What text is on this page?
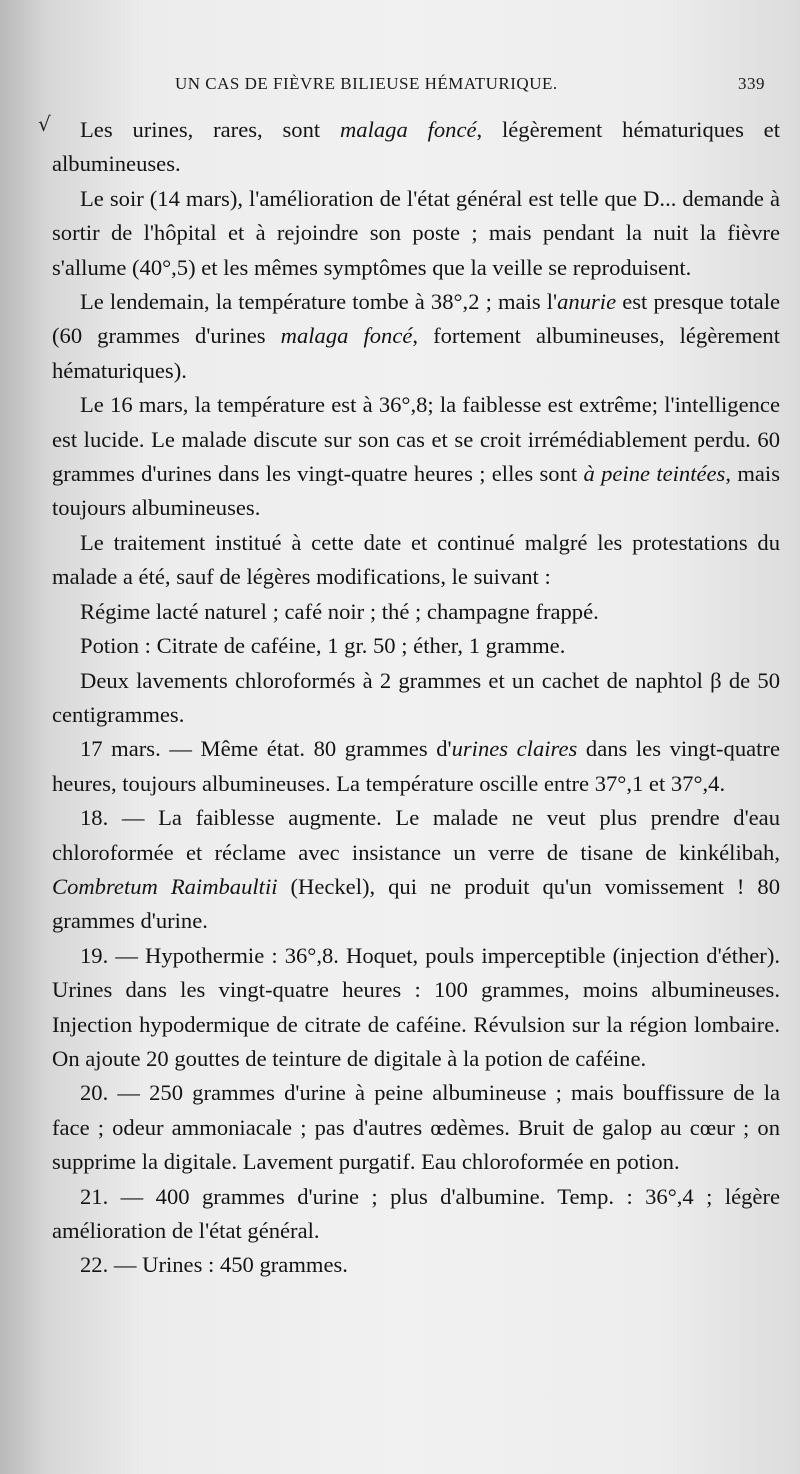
UN CAS DE FIÈVRE BILIEUSE HÉMATURIQUE.	339
√	Les urines, rares, sont malaga foncé, légèrement hématuriques et albumineuses.

Le soir (14 mars), l'amélioration de l'état général est telle que D... demande à sortir de l'hôpital et à rejoindre son poste ; mais pendant la nuit la fièvre s'allume (40°,5) et les mêmes symptômes que la veille se reproduisent.

Le lendemain, la température tombe à 38°,2 ; mais l'anurie est presque totale (60 grammes d'urines malaga foncé, fortement albumineuses, légèrement hématuriques).

Le 16 mars, la température est à 36°,8; la faiblesse est extrême; l'intelligence est lucide. Le malade discute sur son cas et se croit irrémédiablement perdu. 60 grammes d'urines dans les vingt-quatre heures ; elles sont à peine teintées, mais toujours albumineuses.

Le traitement institué à cette date et continué malgré les protestations du malade a été, sauf de légères modifications, le suivant :

Régime lacté naturel ; café noir ; thé ; champagne frappé.

Potion : Citrate de caféine, 1 gr. 50 ; éther, 1 gramme.

Deux lavements chloroformés à 2 grammes et un cachet de naphtol β de 50 centigrammes.

17 mars. — Même état. 80 grammes d'urines claires dans les vingt-quatre heures, toujours albumineuses. La température oscille entre 37°,1 et 37°,4.

18. — La faiblesse augmente. Le malade ne veut plus prendre d'eau chloroformée et réclame avec insistance un verre de tisane de kinkélibah, Combretum Raimbaultii (Heckel), qui ne produit qu'un vomissement ! 80 grammes d'urine.

19. — Hypothermie : 36°,8. Hoquet, pouls imperceptible (injection d'éther). Urines dans les vingt-quatre heures : 100 grammes, moins albumineuses. Injection hypodermique de citrate de caféine. Révulsion sur la région lombaire. On ajoute 20 gouttes de teinture de digitale à la potion de caféine.

20. — 250 grammes d'urine à peine albumineuse ; mais bouffissure de la face ; odeur ammoniacale ; pas d'autres œdèmes. Bruit de galop au cœur ; on supprime la digitale. Lavement purgatif. Eau chloroformée en potion.

21. — 400 grammes d'urine ; plus d'albumine. Temp. : 36°,4 ; légère amélioration de l'état général.

22. — Urines : 450 grammes.
